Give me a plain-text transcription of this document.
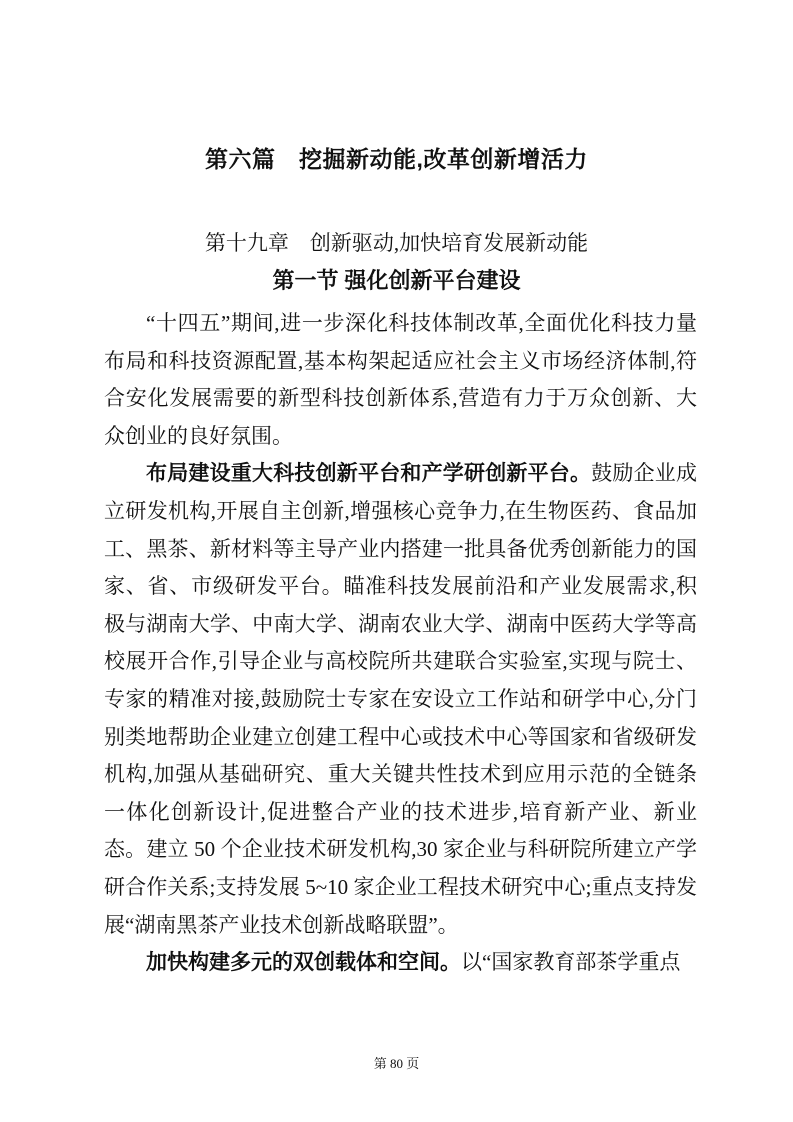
第六篇　挖掘新动能,改革创新增活力
第十九章　创新驱动,加快培育发展新动能
第一节 强化创新平台建设

“十四五”期间,进一步深化科技体制改革,全面优化科技力量布局和科技资源配置,基本构架起适应社会主义市场经济体制,符合安化发展需要的新型科技创新体系,营造有力于万众创新、大众创业的良好氛围。

布局建设重大科技创新平台和产学研创新平台。鼓励企业成立研发机构,开展自主创新,增强核心竞争力,在生物医药、食品加工、黑茶、新材料等主导产业内搭建一批具备优秀创新能力的国家、省、市级研发平台。瞄准科技发展前沿和产业发展需求,积极与湖南大学、中南大学、湖南农业大学、湖南中医药大学等高校展开合作,引导企业与高校院所共建联合实验室,实现与院士、专家的精准对接,鼓励院士专家在安设立工作站和研学中心,分门别类地帮助企业建立创建工程中心或技术中心等国家和省级研发机构,加强从基础研究、重大关键共性技术到应用示范的全链条一体化创新设计,促进整合产业的技术进步,培育新产业、新业态。建立 50 个企业技术研发机构,30 家企业与科研院所建立产学研合作关系;支持发展 5~10 家企业工程技术研究中心;重点支持发展“湖南黑茶产业技术创新战略联盟”。

加快构建多元的双创载体和空间。以“国家教育部茶学重点

第 80 页
